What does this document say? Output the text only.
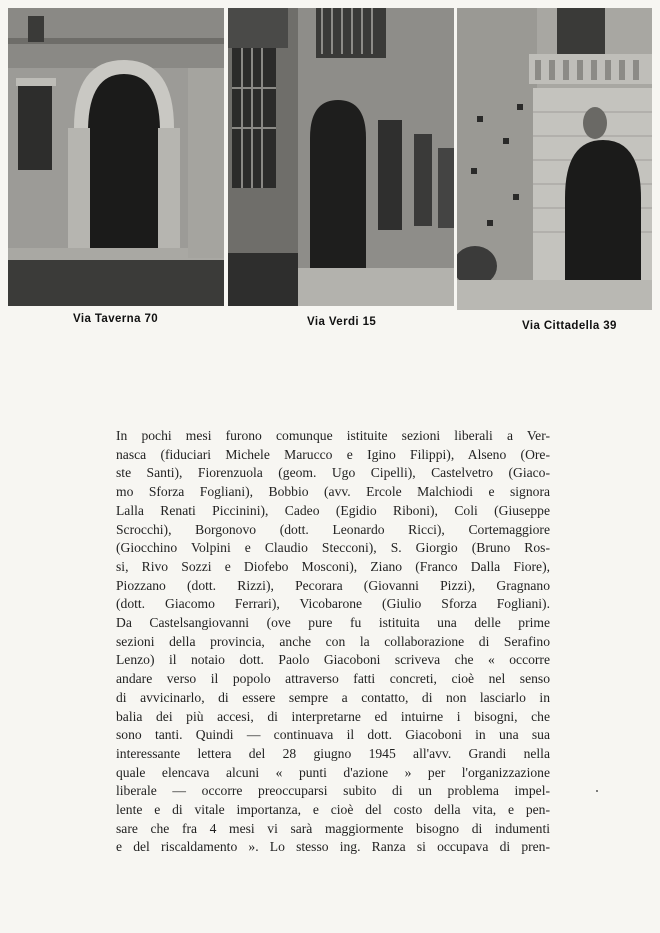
Via Taverna 70	Via Verdi 15	Via Cittadella 39
In pochi mesi furono comunque istituite sezioni liberali a Ver-
nasca (fiduciari Michele Marucco e Igino Filippi), Alseno (Ore-
ste Santi), Fiorenzuola (geom. Ugo Cipelli), Castelvetro (Giaco-
mo Sforza Fogliani), Bobbio (avv. Ercole Malchiodi e signora
Lalla Renati Piccinini), Cadeo (Egidio Riboni), Coli (Giuseppe
Scrocchi), Borgonovo (dott. Leonardo Ricci), Cortemaggiore
(Giocchino Volpini e Claudio Stecconi), S. Giorgio (Bruno Ros-
si, Rivo Sozzi e Diofebo Mosconi), Ziano (Franco Dalla Fiore),
Piozzano (dott. Rizzi), Pecorara (Giovanni Pizzi), Gragnano
(dott. Giacomo Ferrari), Vicobarone (Giulio Sforza Fogliani).
Da Castelsangiovanni (ove pure fu istituita una delle prime
sezioni della provincia, anche con la collaborazione di Serafino
Lenzo) il notaio dott. Paolo Giacoboni scriveva che « occorre
andare verso il popolo attraverso fatti concreti, cioè nel senso
di avvicinarlo, di essere sempre a contatto, di non lasciarlo in
balia dei più accesi, di interpretarne ed intuirne i bisogni, che
sono tanti. Quindi — continuava il dott. Giacoboni in una sua
interessante lettera del 28 giugno 1945 all'avv. Grandi nella
quale elencava alcuni « punti d'azione » per l'organizzazione
liberale — occorre preoccuparsi subito di un problema impel-
lente e di vitale importanza, e cioè del costo della vita, e pen-
sare che fra 4 mesi vi sarà maggiormente bisogno di indumenti
e del riscaldamento ». Lo stesso ing. Ranza si occupava di pren-
